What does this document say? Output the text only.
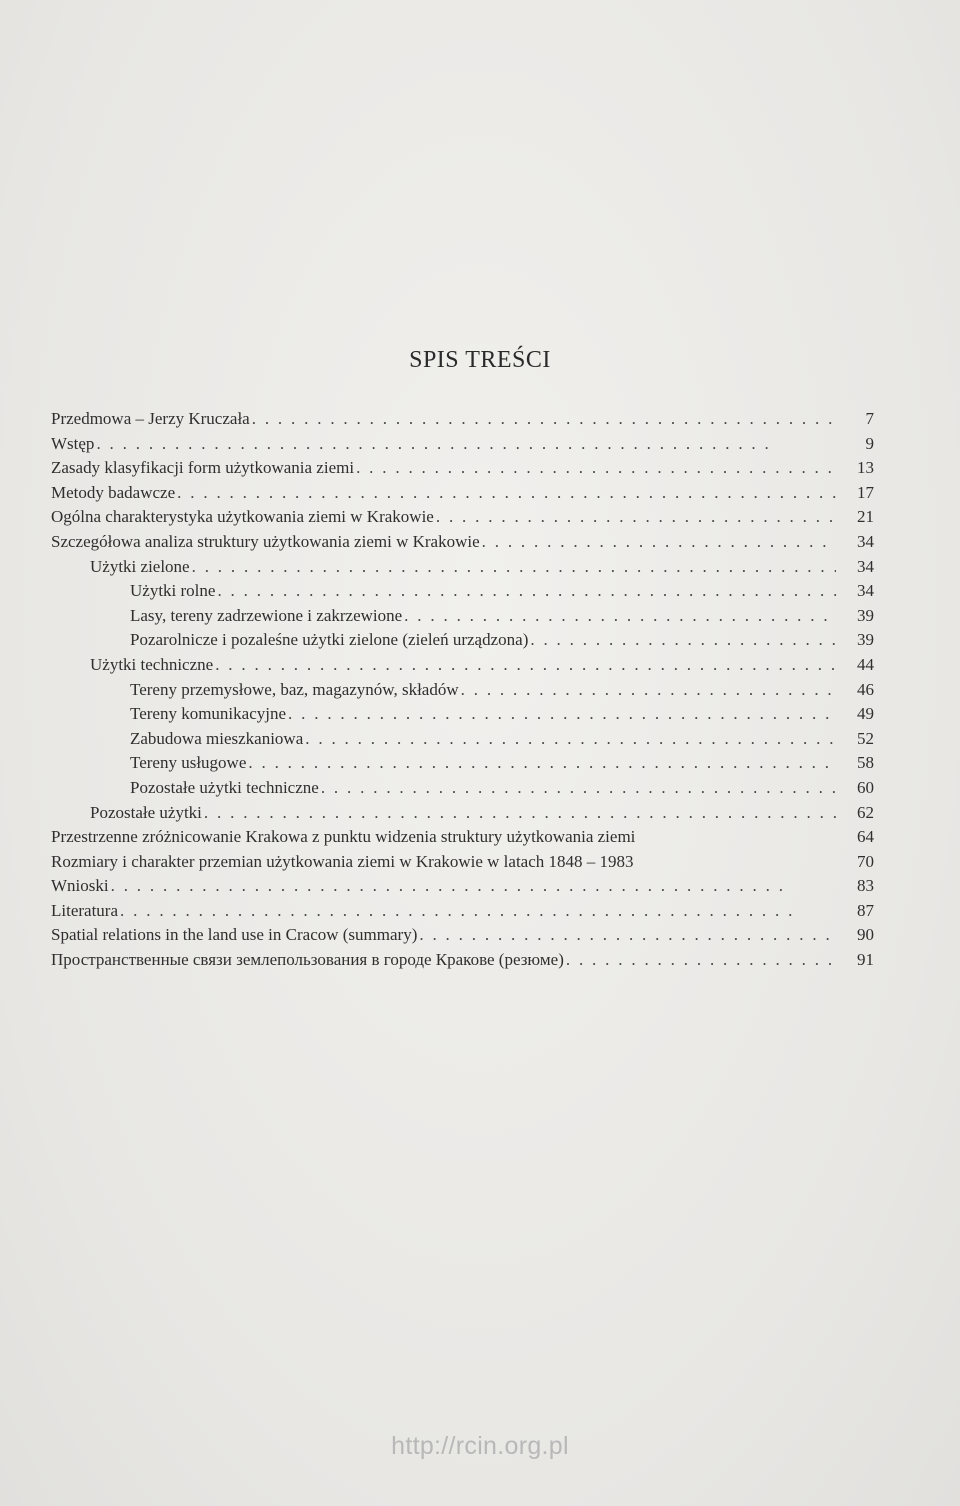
SPIS TREŚCI
Przedmowa – Jerzy Kruczała . . .	7
Wstęp . . .	9
Zasady klasyfikacji form użytkowania ziemi . . .	13
Metody badawcze . . .	17
Ogólna charakterystyka użytkowania ziemi w Krakowie . . .	21
Szczegółowa analiza struktury użytkowania ziemi w Krakowie . . .	34
Użytki zielone . . .	34
Użytki rolne . . .	34
Lasy, tereny zadrzewione i zakrzewione . . .	39
Pozarolnicze i pozaleśne użytki zielone (zieleń urządzona) . . .	39
Użytki techniczne . . .	44
Tereny przemysłowe, baz, magazynów, składów . . .	46
Tereny komunikacyjne . . .	49
Zabudowa mieszkaniowa . . .	52
Tereny usługowe . . .	58
Pozostałe użytki techniczne . . .	60
Pozostałe użytki . . .	62
Przestrzenne zróżnicowanie Krakowa z punktu widzenia struktury użytkowania ziemi	64
Rozmiary i charakter przemian użytkowania ziemi w Krakowie w latach 1848 – 1983	70
Wnioski . . .	83
Literatura . . .	87
Spatial relations in the land use in Cracow (summary) . . .	90
Пространственные связи землепользования в городе Кракове (резюме) . . .	91
http://rcin.org.pl
